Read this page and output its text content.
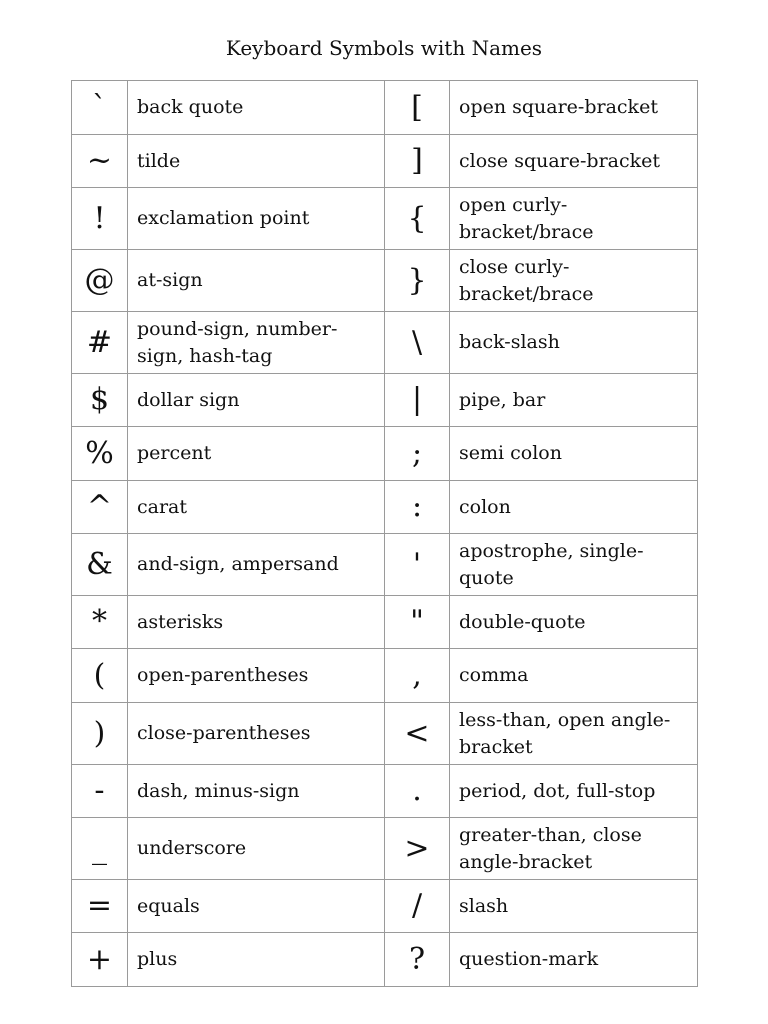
Keyboard Symbols with Names
`	back quote	[	open square-bracket
~	tilde	]	close square-bracket
!	exclamation point	{	open curly-bracket/brace
@	at-sign	}	close curly-bracket/brace
#	pound-sign, number-sign, hash-tag	\	back-slash
$	dollar sign	|	pipe, bar
%	percent	;	semi colon
^	carat	:	colon
&	and-sign, ampersand	'	apostrophe, single-quote
*	asterisks	"	double-quote
(	open-parentheses	,	comma
)	close-parentheses	<	less-than, open angle-bracket
-	dash, minus-sign	.	period, dot, full-stop
_	underscore	>	greater-than, close angle-bracket
=	equals	/	slash
+	plus	?	question-mark
